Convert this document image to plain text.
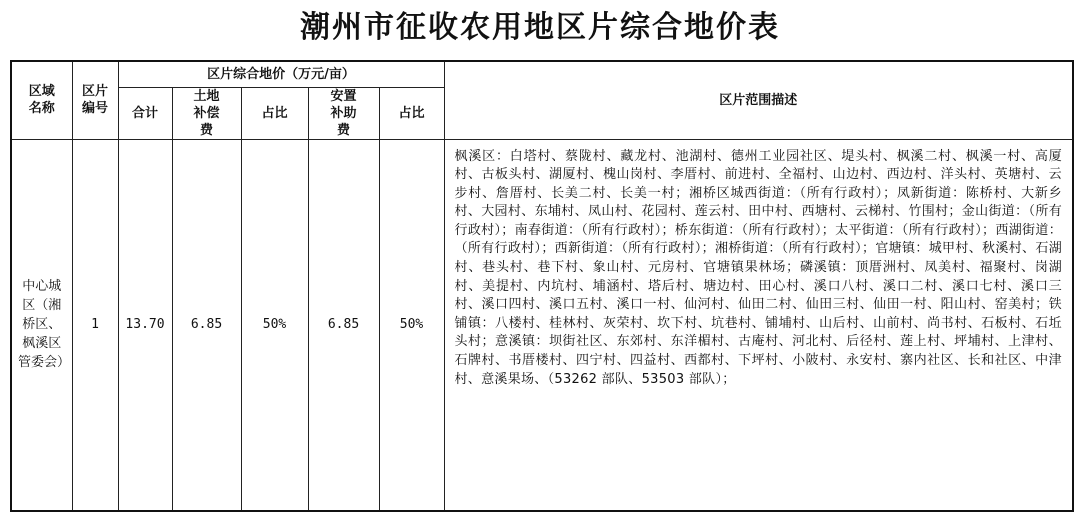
潮州市征收农用地区片综合地价表
区域名称	区片编号	区片综合地价（万元/亩）					区片范围描述
		合计	土地补偿费	占比	安置补助费	占比	
中心城区（湘桥区、枫溪区管委会）	1	13.70	6.85	50%	6.85	50%	枫溪区：白塔村、蔡陇村、藏龙村、池湖村、德州工业园社区、堤头村、枫溪二村、枫溪一村、高厦村、古板头村、湖厦村、槐山岗村、李厝村、前进村、全福村、山边村、西边村、洋头村、英塘村、云步村、詹厝村、长美二村、长美一村；湘桥区城西街道：（所有行政村）；凤新街道：陈桥村、大新乡村、大园村、东埔村、凤山村、花园村、莲云村、田中村、西塘村、云梯村、竹围村；金山街道：（所有行政村）；南春街道：（所有行政村）；桥东街道：（所有行政村）；太平街道：（所有行政村）；西湖街道：（所有行政村）；西新街道：（所有行政村）；湘桥街道：（所有行政村）；官塘镇：城甲村、秋溪村、石湖村、巷头村、巷下村、象山村、元房村、官塘镇果林场；磷溪镇：顶厝洲村、凤美村、福聚村、岗湖村、美提村、内坑村、埔涵村、塔后村、塘边村、田心村、溪口八村、溪口二村、溪口七村、溪口三村、溪口四村、溪口五村、溪口一村、仙河村、仙田二村、仙田三村、仙田一村、阳山村、窑美村；铁铺镇：八楼村、桂林村、灰荣村、坎下村、坑巷村、铺埔村、山后村、山前村、尚书村、石板村、石坵头村；意溪镇：坝街社区、东郊村、东洋楣村、古庵村、河北村、后径村、莲上村、坪埔村、上津村、石牌村、书厝楼村、四宁村、四益村、西都村、下坪村、小陂村、永安村、寨内社区、长和社区、中津村、意溪果场、（53262 部队、53503 部队）；
